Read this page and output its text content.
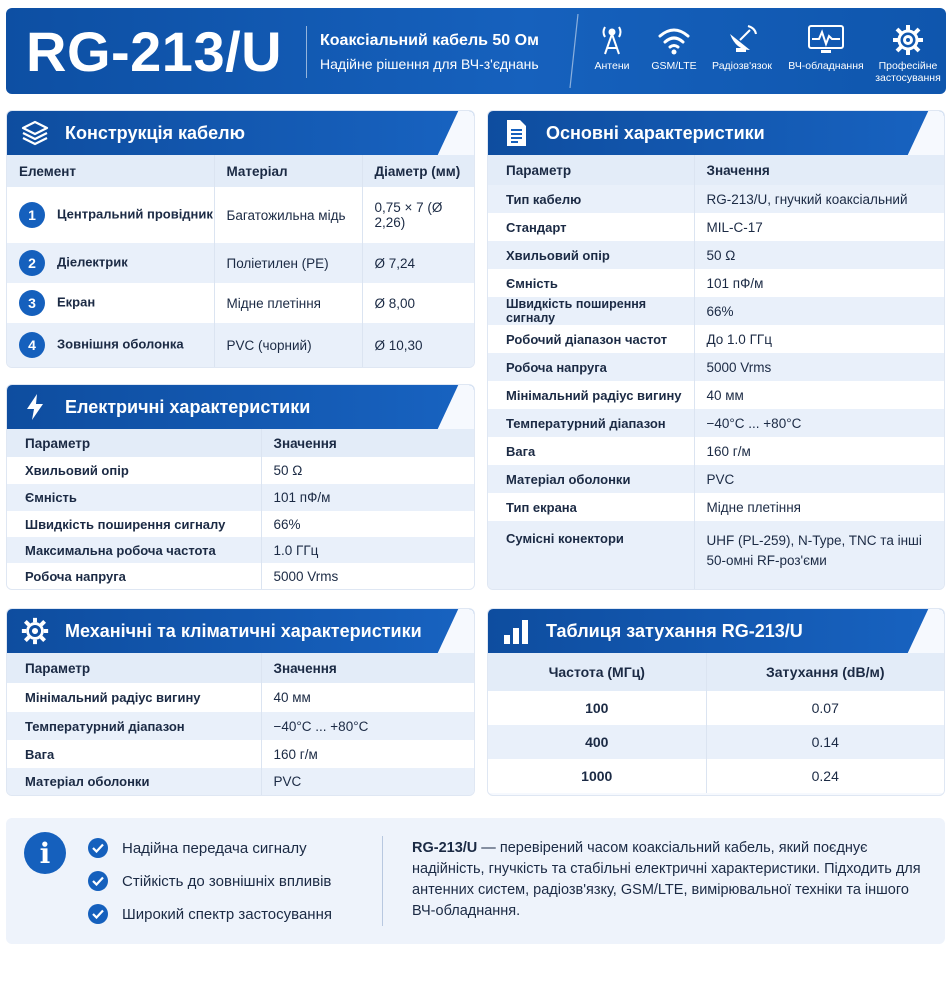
RG-213/U Коаксіальний кабель 50 Ом
Надійне рішення для ВЧ-з'єднань	Антени	GSM/LTE	Радіозв'язок	ВЧ-обладнання	Професійне застосування
Конструкція кабелю
Елемент	Матеріал	Діаметр (мм)
1 Центральний провідник	Багатожильна мідь	0,75 × 7 (Ø 2,26)
2 Діелектрик	Поліетилен (PE)	Ø 7,24
3 Екран	Мідне плетіння	Ø 8,00
4 Зовнішня оболонка	PVC (чорний)	Ø 10,30
Електричні характеристики
Параметр	Значення
Хвильовий опір	50 Ω
Ємність	101 пФ/м
Швидкість поширення сигналу	66%
Максимальна робоча частота	1.0 ГГц
Робоча напруга	5000 Vrms
Механічні та кліматичні характеристики
Параметр	Значення
Мінімальний радіус вигину	40 мм
Температурний діапазон	−40°C ... +80°C
Вага	160 г/м
Матеріал оболонки	PVC
Основні характеристики
Параметр	Значення
Тип кабелю	RG-213/U, гнучкий коаксіальний
Стандарт	MIL-C-17
Хвильовий опір	50 Ω
Ємність	101 пФ/м
Швидкість поширення сигналу	66%
Робочий діапазон частот	До 1.0 ГГц
Робоча напруга	5000 Vrms
Мінімальний радіус вигину	40 мм
Температурний діапазон	−40°C ... +80°C
Вага	160 г/м
Матеріал оболонки	PVC
Тип екрана	Мідне плетіння
Сумісні конектори	UHF (PL-259), N-Type, TNC та інші 50-омні RF-роз'єми
Таблиця затухання RG-213/U
Частота (МГц)	Затухання (dB/м)
100	0.07
400	0.14
1000	0.24
i	Надійна передача сигналу
Стійкість до зовнішніх впливів
Широкий спектр застосування
RG-213/U — перевірений часом коаксіальний кабель, який поєднує надійність, гнучкість та стабільні електричні характеристики. Підходить для антенних систем, радіозв'язку, GSM/LTE, вимірювальної техніки та іншого ВЧ-обладнання.
